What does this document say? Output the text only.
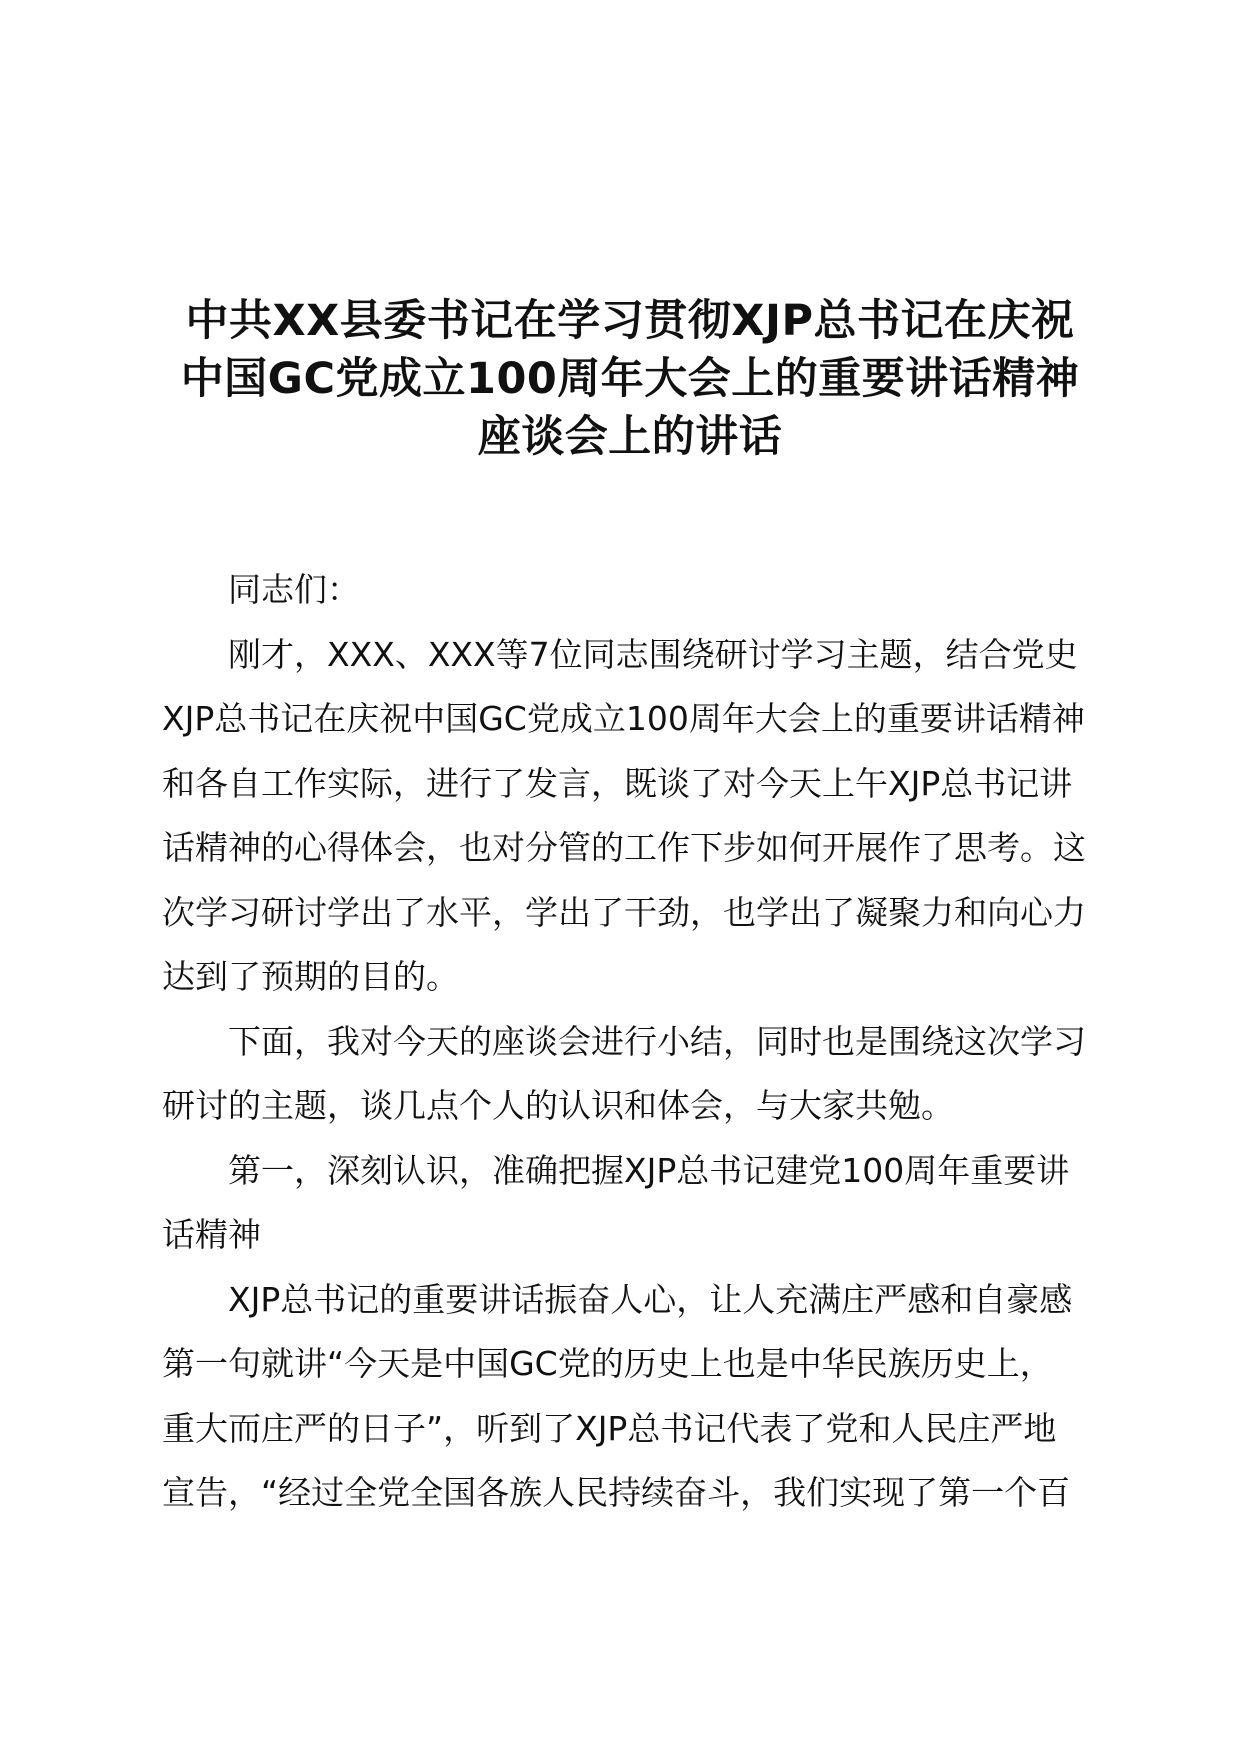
中共XX县委书记在学习贯彻XJP总书记在庆祝
中国GC党成立100周年大会上的重要讲话精神
座谈会上的讲话
同志们：
刚才，XXX、XXX等7位同志围绕研讨学习主题，结合党史
XJP总书记在庆祝中国GC党成立100周年大会上的重要讲话精神
和各自工作实际，进行了发言，既谈了对今天上午XJP总书记讲
话精神的心得体会，也对分管的工作下步如何开展作了思考。这
次学习研讨学出了水平，学出了干劲，也学出了凝聚力和向心力
达到了预期的目的。
下面，我对今天的座谈会进行小结，同时也是围绕这次学习
研讨的主题，谈几点个人的认识和体会，与大家共勉。
第一，深刻认识，准确把握XJP总书记建党100周年重要讲
话精神
XJP总书记的重要讲话振奋人心，让人充满庄严感和自豪感
第一句就讲“今天是中国GC党的历史上也是中华民族历史上，
重大而庄严的日子”，听到了XJP总书记代表了党和人民庄严地
宣告，“经过全党全国各族人民持续奋斗，我们实现了第一个百
